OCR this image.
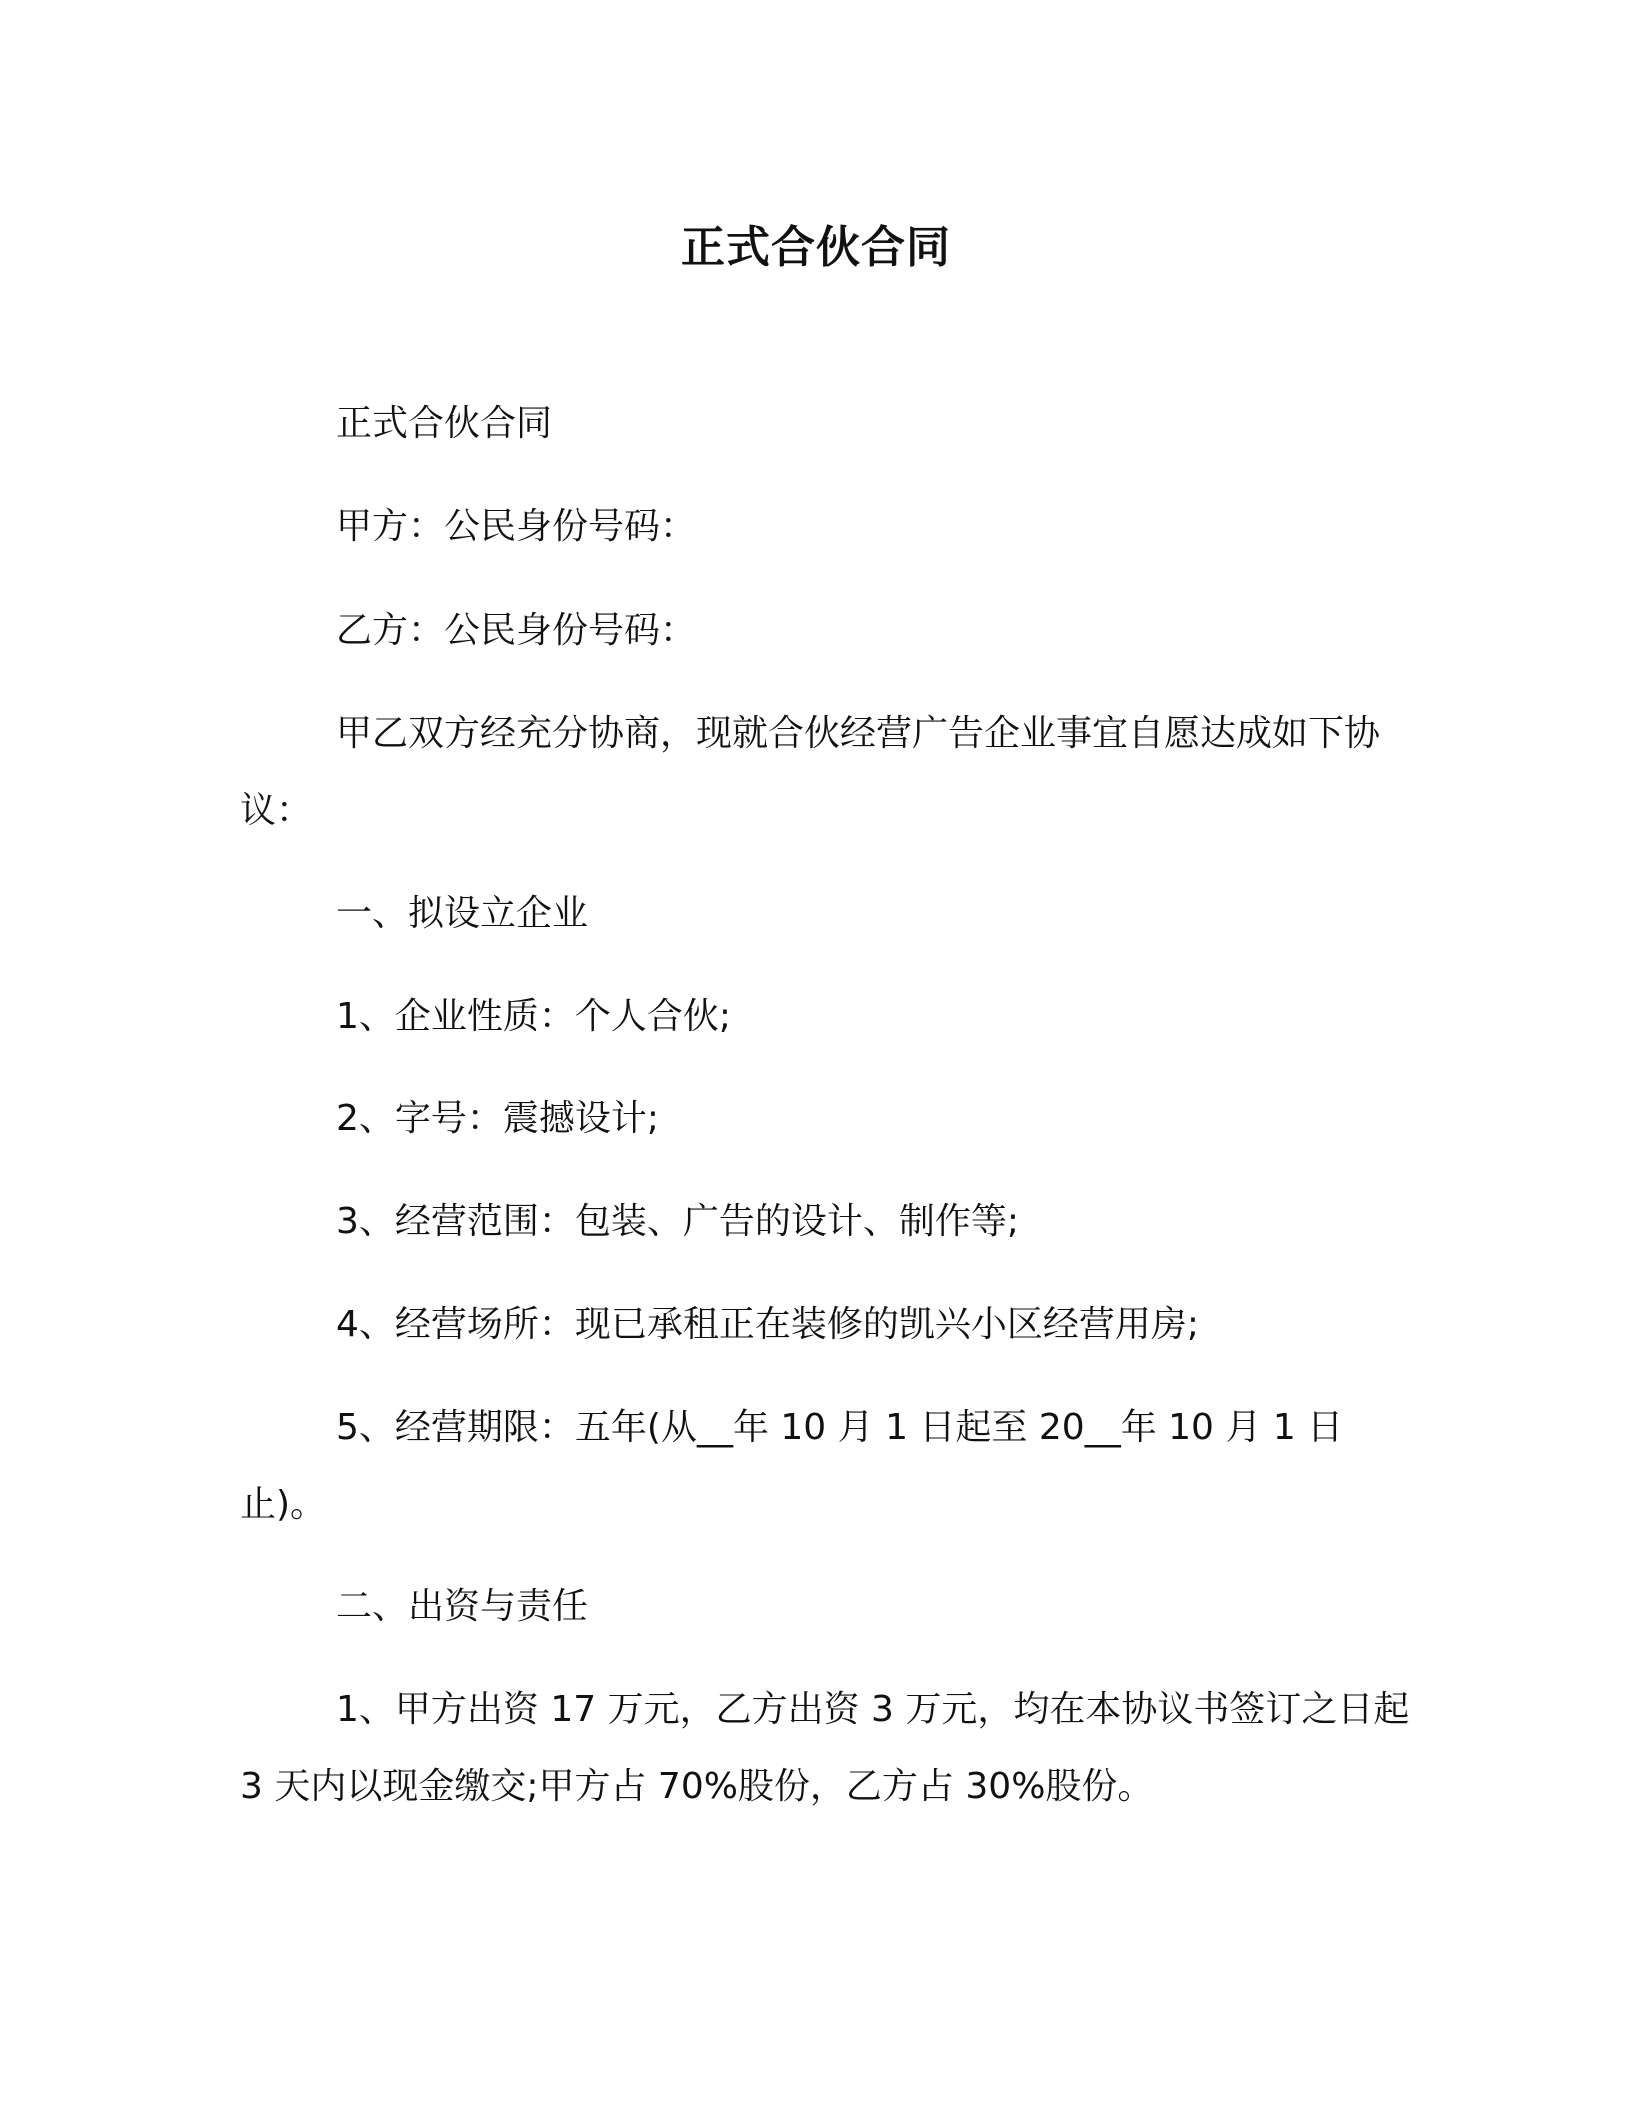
正式合伙合同

正式合伙合同

甲方：公民身份号码：

乙方：公民身份号码：

甲乙双方经充分协商，现就合伙经营广告企业事宜自愿达成如下协议：

一、拟设立企业

1、企业性质：个人合伙;

2、字号：震撼设计;

3、经营范围：包装、广告的设计、制作等;

4、经营场所：现已承租正在装修的凯兴小区经营用房;

5、经营期限：五年(从__年 10 月 1 日起至 20__年 10 月 1 日止)。

二、出资与责任

1、甲方出资 17 万元，乙方出资 3 万元，均在本协议书签订之日起 3 天内以现金缴交;甲方占 70%股份，乙方占 30%股份。
